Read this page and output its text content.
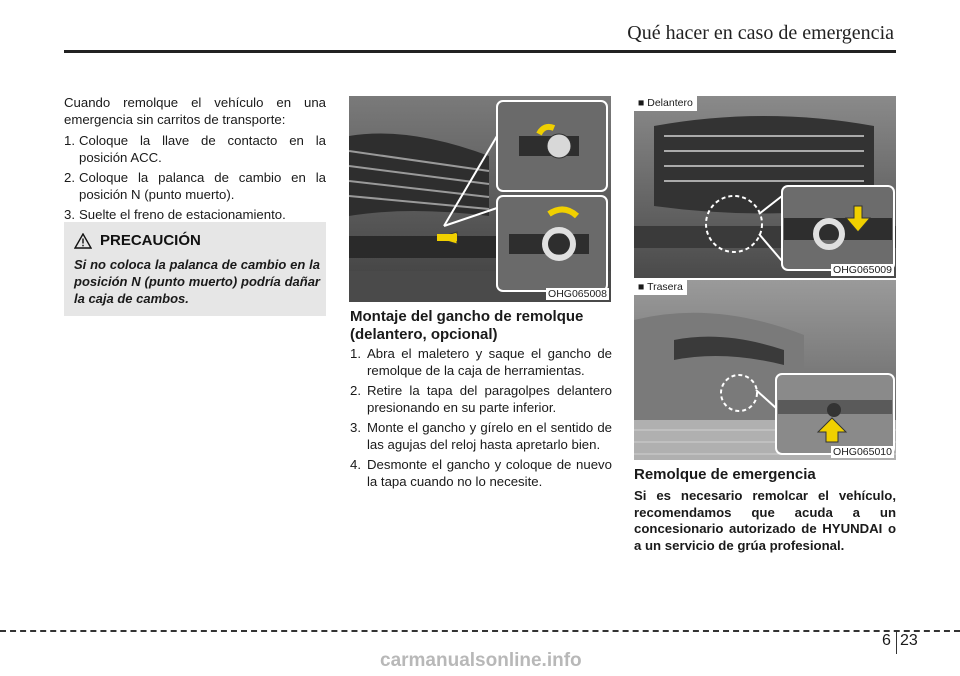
Qué hacer en caso de emergencia

Cuando remolque el vehículo en una emergencia sin carritos de transporte:

1. Coloque la llave de contacto en la posición ACC.
2. Coloque la palanca de cambio en la posición N (punto muerto).
3. Suelte el freno de estacionamiento.
PRECAUCIÓN
Si no coloca la palanca de cambio en la posición N (punto muerto) podría dañar la caja de cambos.	OHG065008
Montaje del gancho de remolque
(delantero, opcional)
1. Abra el maletero y saque el gancho de remolque de la caja de herramientas.
2. Retire la tapa del paragolpes delantero presionando en su parte inferior.
3. Monte el gancho y gírelo en el sentido de las agujas del reloj hasta apretarlo bien.
4. Desmonte el gancho y coloque de nuevo la tapa cuando no lo necesite.
■ Delantero
OHG065009
■ Trasera
OHG065010
Remolque de emergencia
Si es necesario remolcar el vehículo, recomendamos que acuda a un concesionario autorizado de HYUNDAI o a un servicio de grúa profesional.
6 23
carmanualsonline.info
